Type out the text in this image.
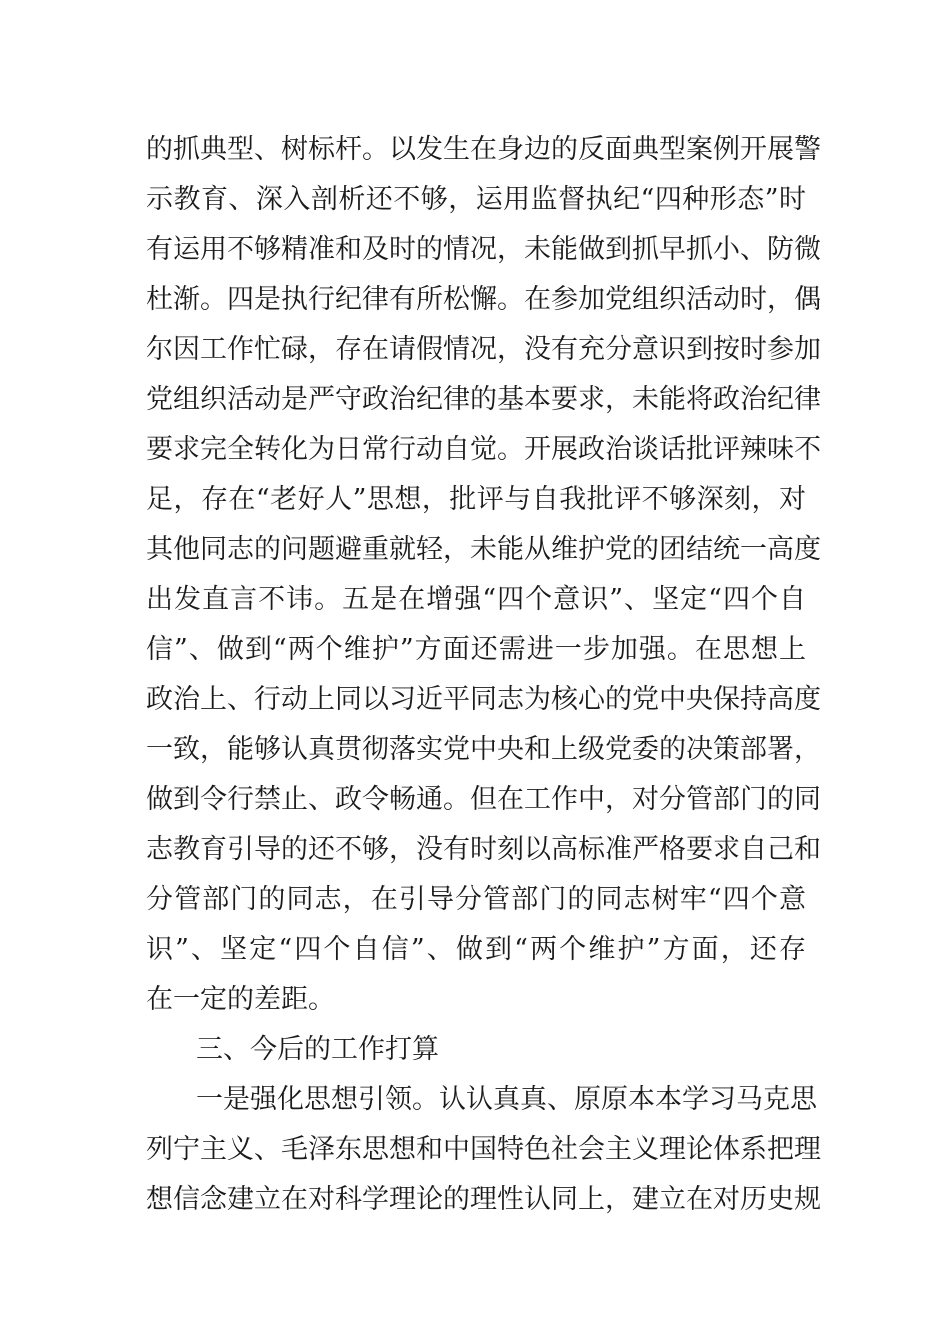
的抓典型、树标杆。以发生在身边的反面典型案例开展警
示教育、深入剖析还不够，运用监督执纪“四种形态”时
有运用不够精准和及时的情况，未能做到抓早抓小、防微
杜渐。四是执行纪律有所松懈。在参加党组织活动时，偶
尔因工作忙碌，存在请假情况，没有充分意识到按时参加
党组织活动是严守政治纪律的基本要求，未能将政治纪律
要求完全转化为日常行动自觉。开展政治谈话批评辣味不
足，存在“老好人”思想，批评与自我批评不够深刻，对
其他同志的问题避重就轻，未能从维护党的团结统一高度
出发直言不讳。五是在增强“四个意识”、坚定“四个自
信”、做到“两个维护”方面还需进一步加强。在思想上
政治上、行动上同以习近平同志为核心的党中央保持高度
一致，能够认真贯彻落实党中央和上级党委的决策部署，
做到令行禁止、政令畅通。但在工作中，对分管部门的同
志教育引导的还不够，没有时刻以高标准严格要求自己和
分管部门的同志，在引导分管部门的同志树牢“四个意
识”、坚定“四个自信”、做到“两个维护”方面，还存
在一定的差距。
三、今后的工作打算
一是强化思想引领。认认真真、原原本本学习马克思
列宁主义、毛泽东思想和中国特色社会主义理论体系把理
想信念建立在对科学理论的理性认同上，建立在对历史规
